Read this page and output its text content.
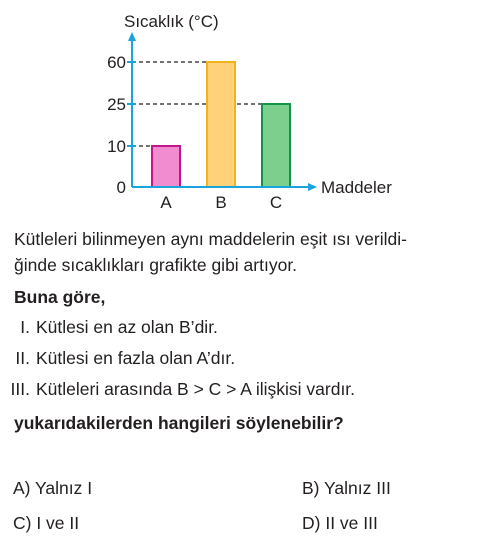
A	B	C
0
10
25
60
Sıcaklık (°C)
Maddeler
Kütleleri bilinmeyen aynı maddelerin eşit ısı verildi-
ğinde sıcaklıkları grafikte gibi artıyor.
Buna göre,
I. Kütlesi en az olan B’dir.
II. Kütlesi en fazla olan A’dır.
III. Kütleleri arasında B > C > A ilişkisi vardır.
yukarıdakilerden hangileri söylenebilir?
A) Yalnız I	B) Yalnız III
C) I ve II	D) II ve III
